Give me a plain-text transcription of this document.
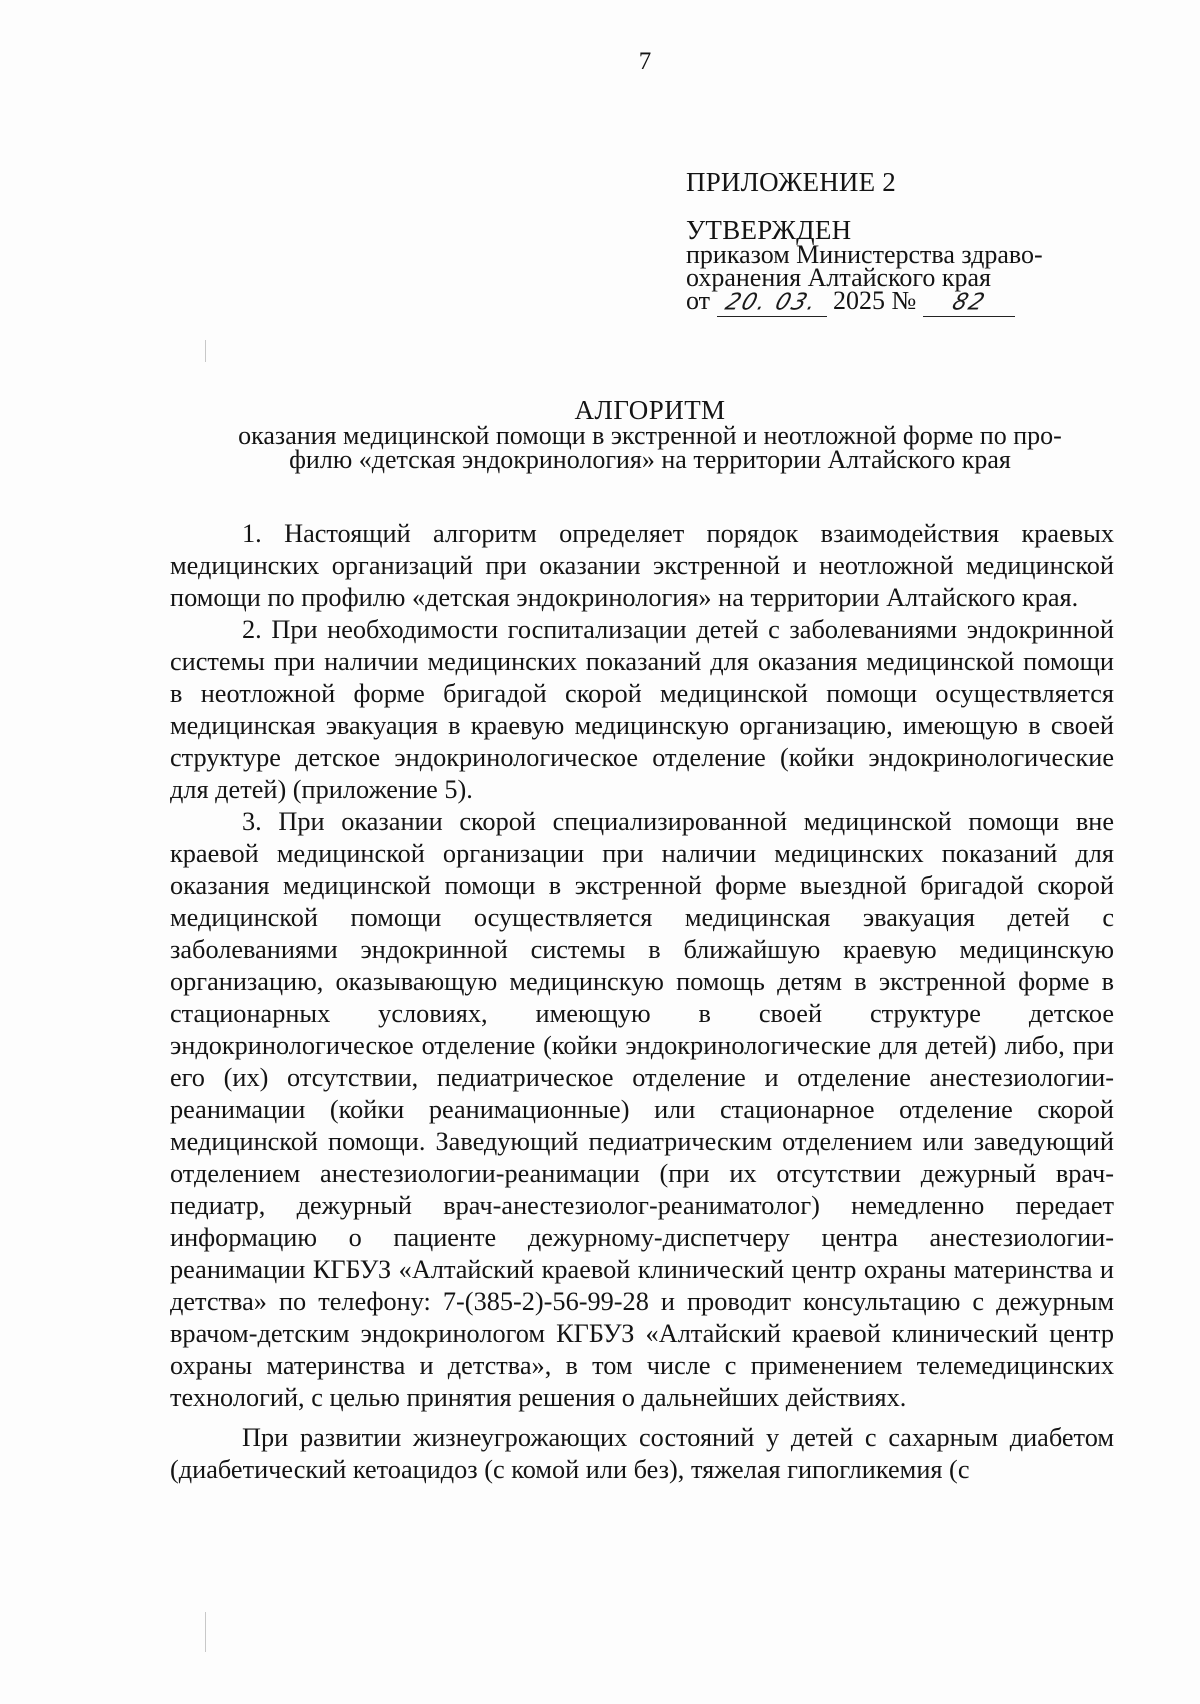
7
ПРИЛОЖЕНИЕ 2
УТВЕРЖДЕН
приказом Министерства здраво-
охранения Алтайского края
от 20. 03. 2025 № 82
АЛГОРИТМ
оказания медицинской помощи в экстренной и неотложной форме по про-
филю «детская эндокринология» на территории Алтайского края

1. Настоящий алгоритм определяет порядок взаимодействия краевых медицинских организаций при оказании экстренной и неотложной медицинской помощи по профилю «детская эндокринология» на территории Алтайского края.

2. При необходимости госпитализации детей с заболеваниями эндокринной системы при наличии медицинских показаний для оказания медицинской помощи в неотложной форме бригадой скорой медицинской помощи осуществляется медицинская эвакуация в краевую медицинскую организацию, имеющую в своей структуре детское эндокринологическое отделение (койки эндокринологические для детей) (приложение 5).

3. При оказании скорой специализированной медицинской помощи вне краевой медицинской организации при наличии медицинских показаний для оказания медицинской помощи в экстренной форме выездной бригадой скорой медицинской помощи осуществляется медицинская эвакуация детей с заболеваниями эндокринной системы в ближайшую краевую медицинскую организацию, оказывающую медицинскую помощь детям в экстренной форме в стационарных условиях, имеющую в своей структуре детское эндокринологическое отделение (койки эндокринологические для детей) либо, при его (их) отсутствии, педиатрическое отделение и отделение анестезиологии-реанимации (койки реанимационные) или стационарное отделение скорой медицинской помощи. Заведующий педиатрическим отделением или заведующий отделением анестезиологии-реанимации (при их отсутствии дежурный врач-педиатр, дежурный врач-анестезиолог-реаниматолог) немедленно передает информацию о пациенте дежурному-диспетчеру центра анестезиологии-реанимации КГБУЗ «Алтайский краевой клинический центр охраны материнства и детства» по телефону: 7-(385-2)-56-99-28 и проводит консультацию с дежурным врачом-детским эндокринологом КГБУЗ «Алтайский краевой клинический центр охраны материнства и детства», в том числе с применением телемедицинских технологий, с целью принятия решения о дальнейших действиях.

При развитии жизнеугрожающих состояний у детей с сахарным диабетом (диабетический кетоацидоз (с комой или без), тяжелая гипогликемия (с
